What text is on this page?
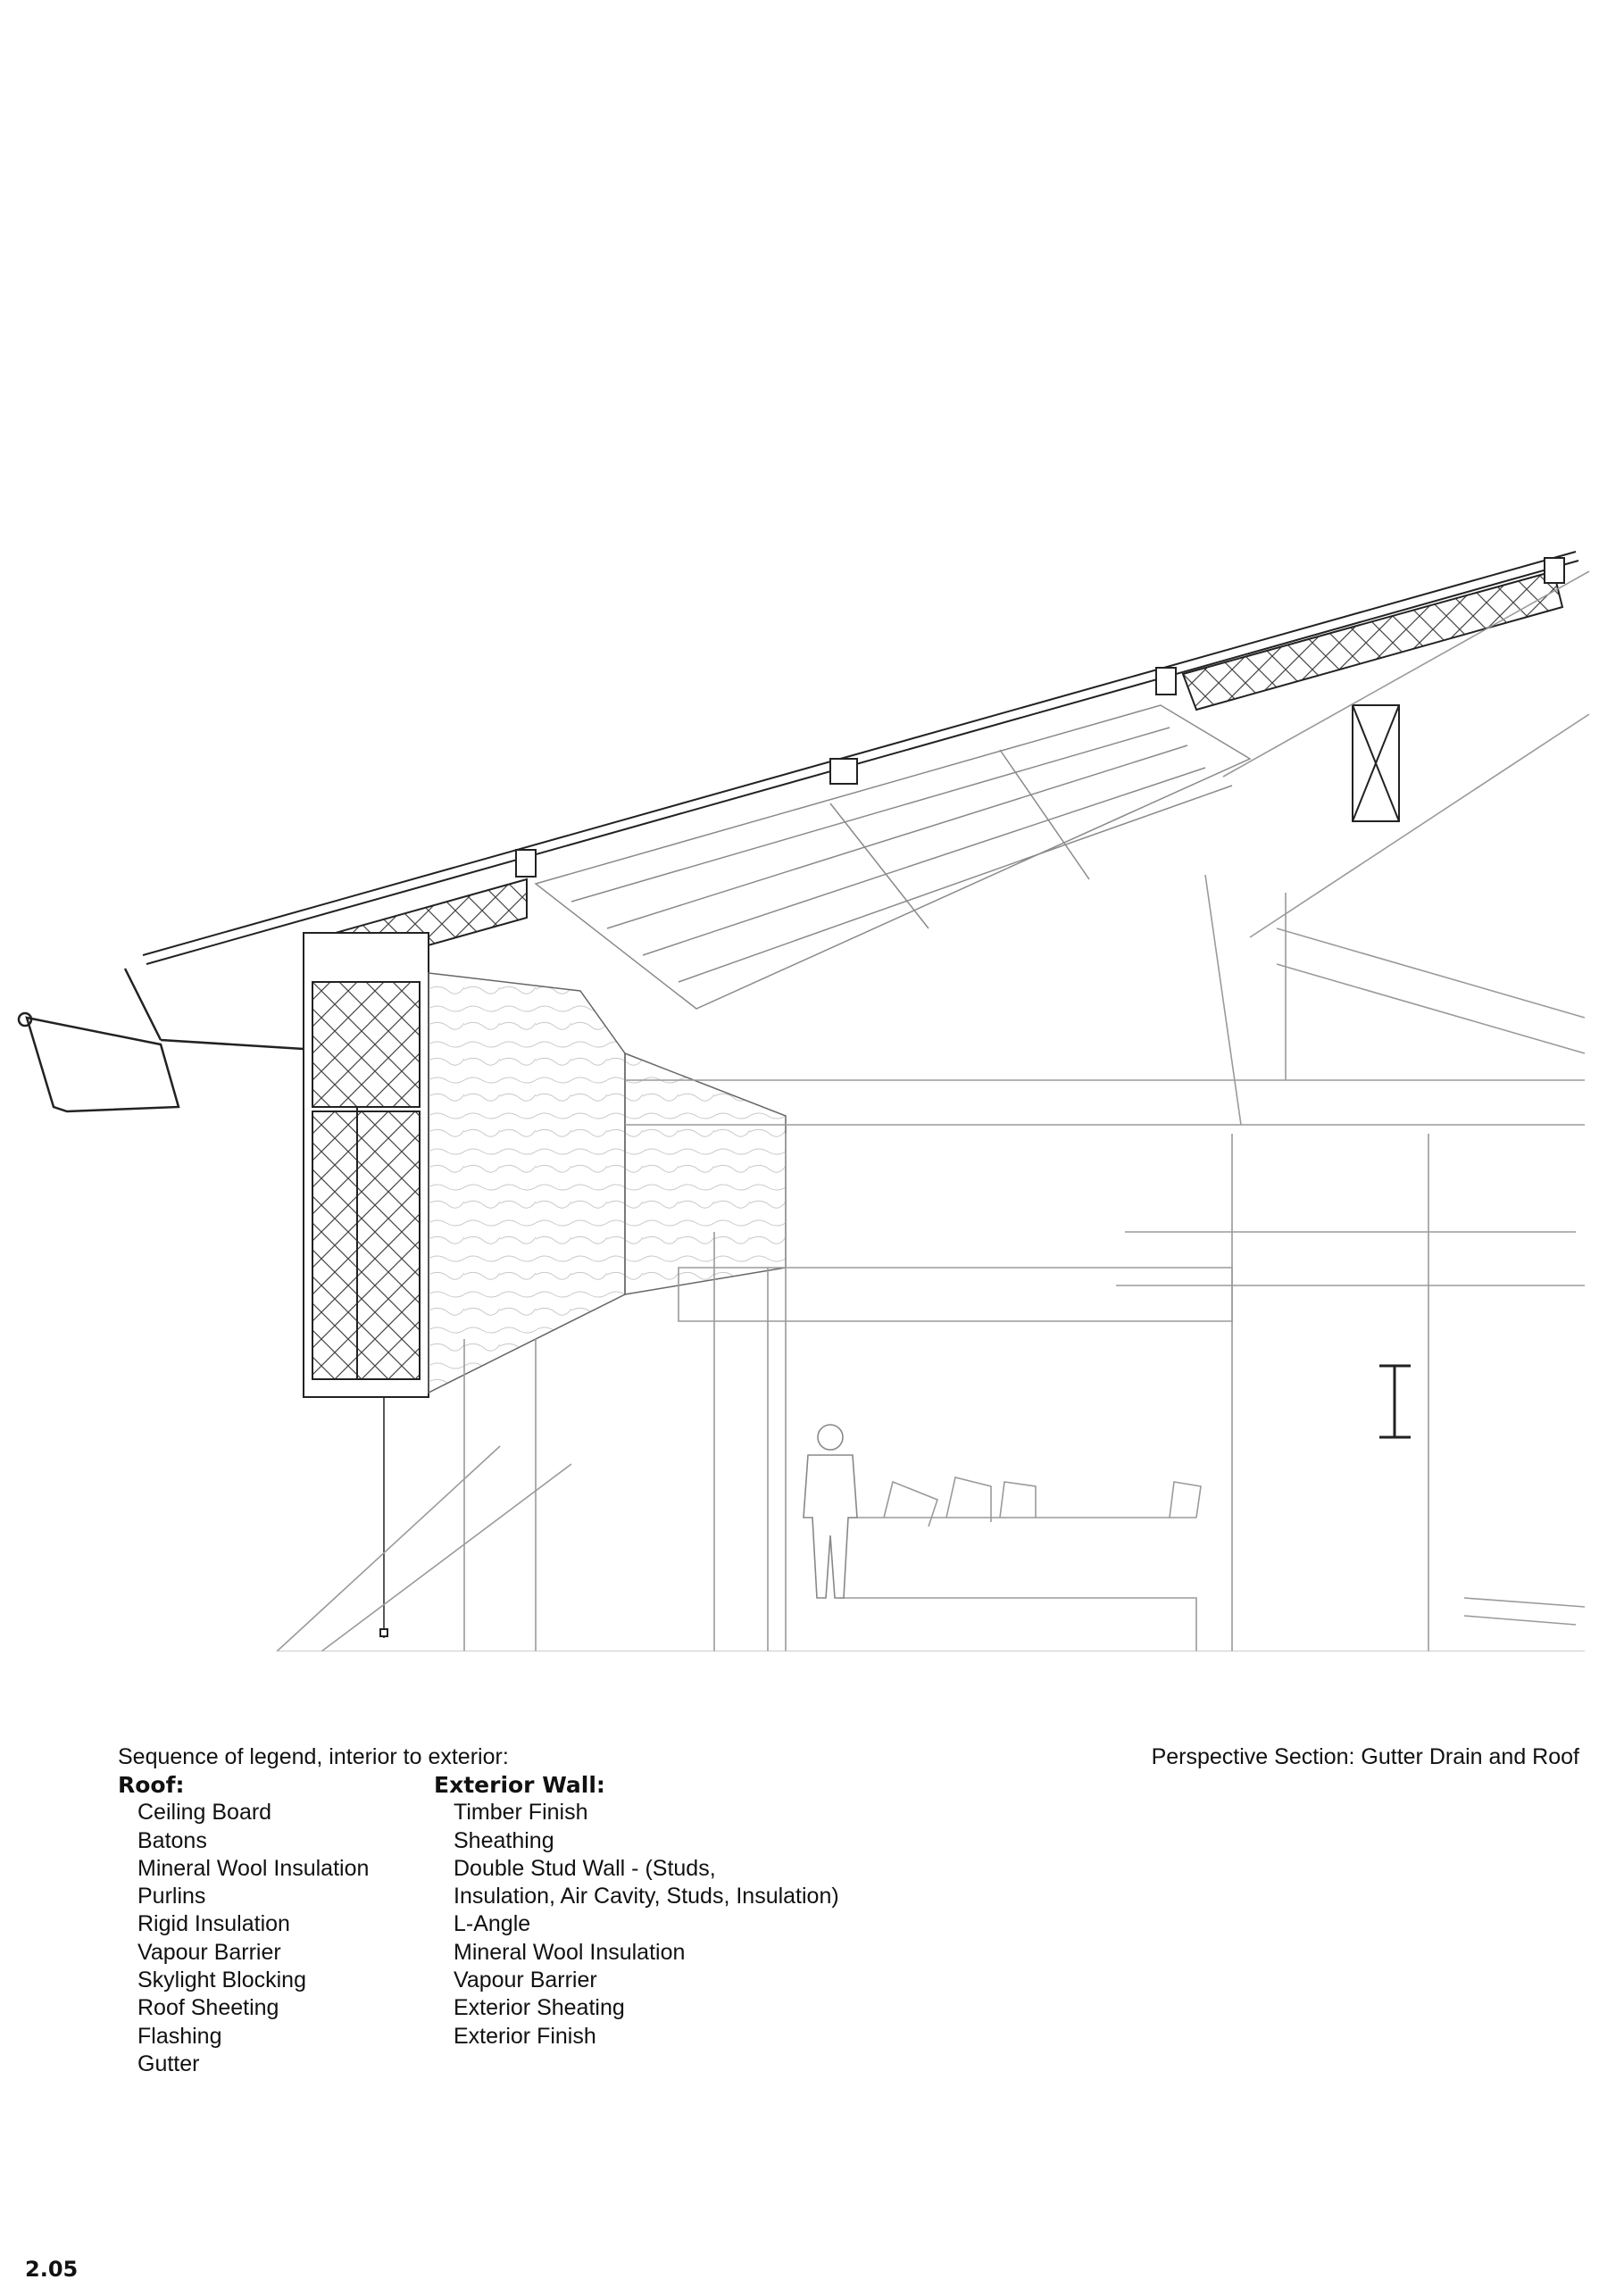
Sequence of legend, interior to exterior:	Perspective Section: Gutter Drain and Roof
Roof:
Ceiling Board
Batons
Mineral Wool Insulation
Purlins
Rigid Insulation
Vapour Barrier
Skylight Blocking
Roof Sheeting
Flashing
Gutter
Exterior Wall:
Timber Finish
Sheathing
Double Stud Wall - (Studs,
Insulation, Air Cavity, Studs, Insulation)
L-Angle
Mineral Wool Insulation
Vapour Barrier
Exterior Sheating
Exterior Finish
2.05
